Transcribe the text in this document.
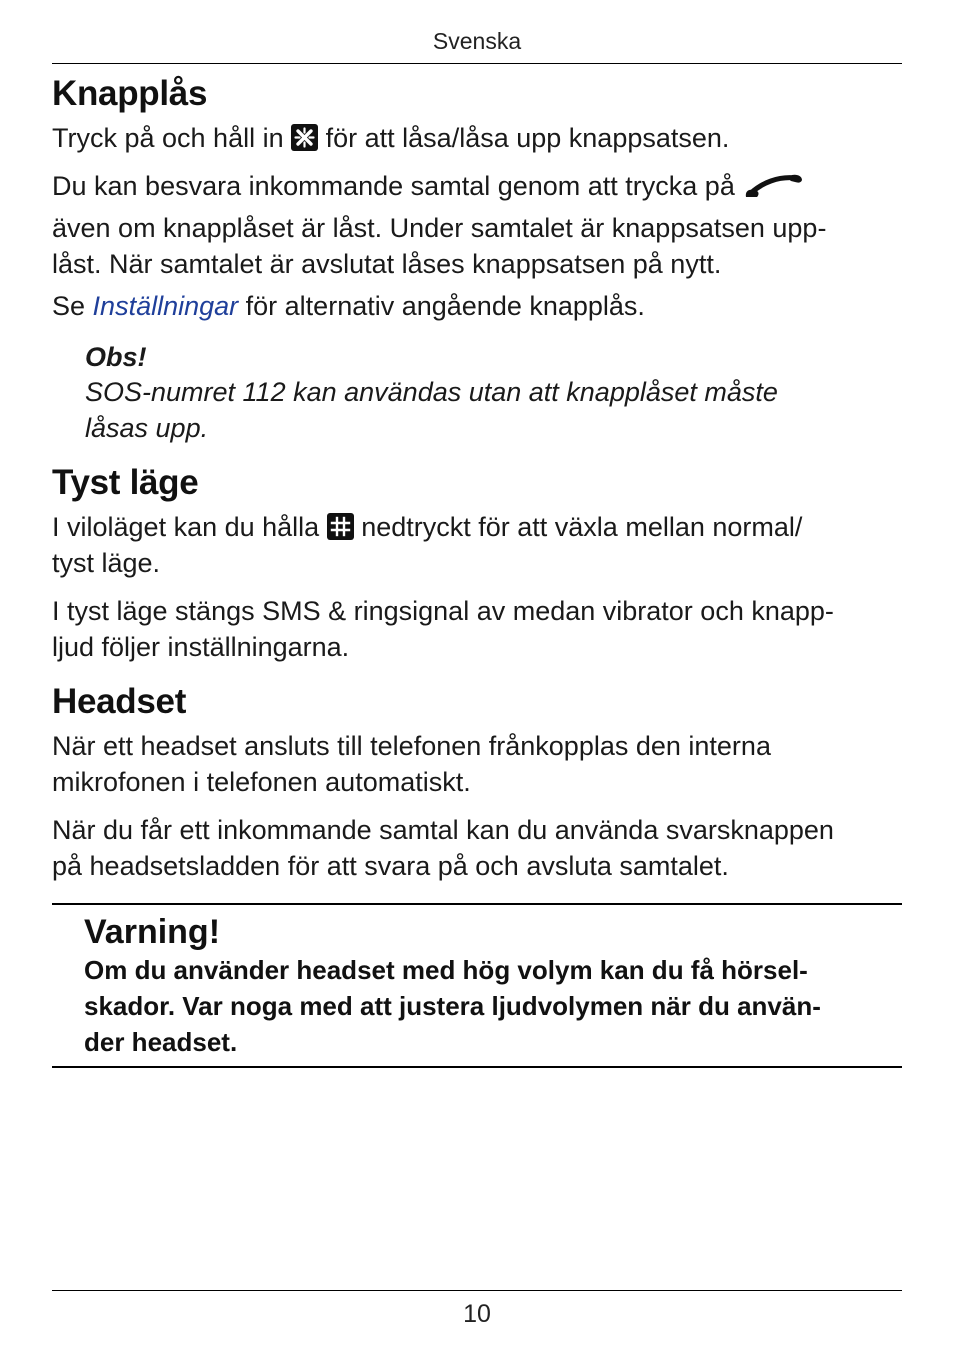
Svenska
Knapplås

Tryck på och håll in för att låsa/låsa upp knappsatsen.

Du kan besvara inkommande samtal genom att trycka på
även om knapplåset är låst. Under samtalet är knappsatsen upp-
låst. När samtalet är avslutat låses knappsatsen på nytt.

Se Inställningar för alternativ angående knapplås.

Obs!

SOS-numret 112 kan användas utan att knapplåset måste
låsas upp.

Tyst läge

I viloläget kan du hålla nedtryckt för att växla mellan normal/
tyst läge.

I tyst läge stängs SMS & ringsignal av medan vibrator och knapp-
ljud följer inställningarna.

Headset

När ett headset ansluts till telefonen frånkopplas den interna
mikrofonen i telefonen automatiskt.

När du får ett inkommande samtal kan du använda svarsknappen
på headsetsladden för att svara på och avsluta samtalet.

Varning!

Om du använder headset med hög volym kan du få hörsel-
skador. Var noga med att justera ljudvolymen när du använ-
der headset.

10
